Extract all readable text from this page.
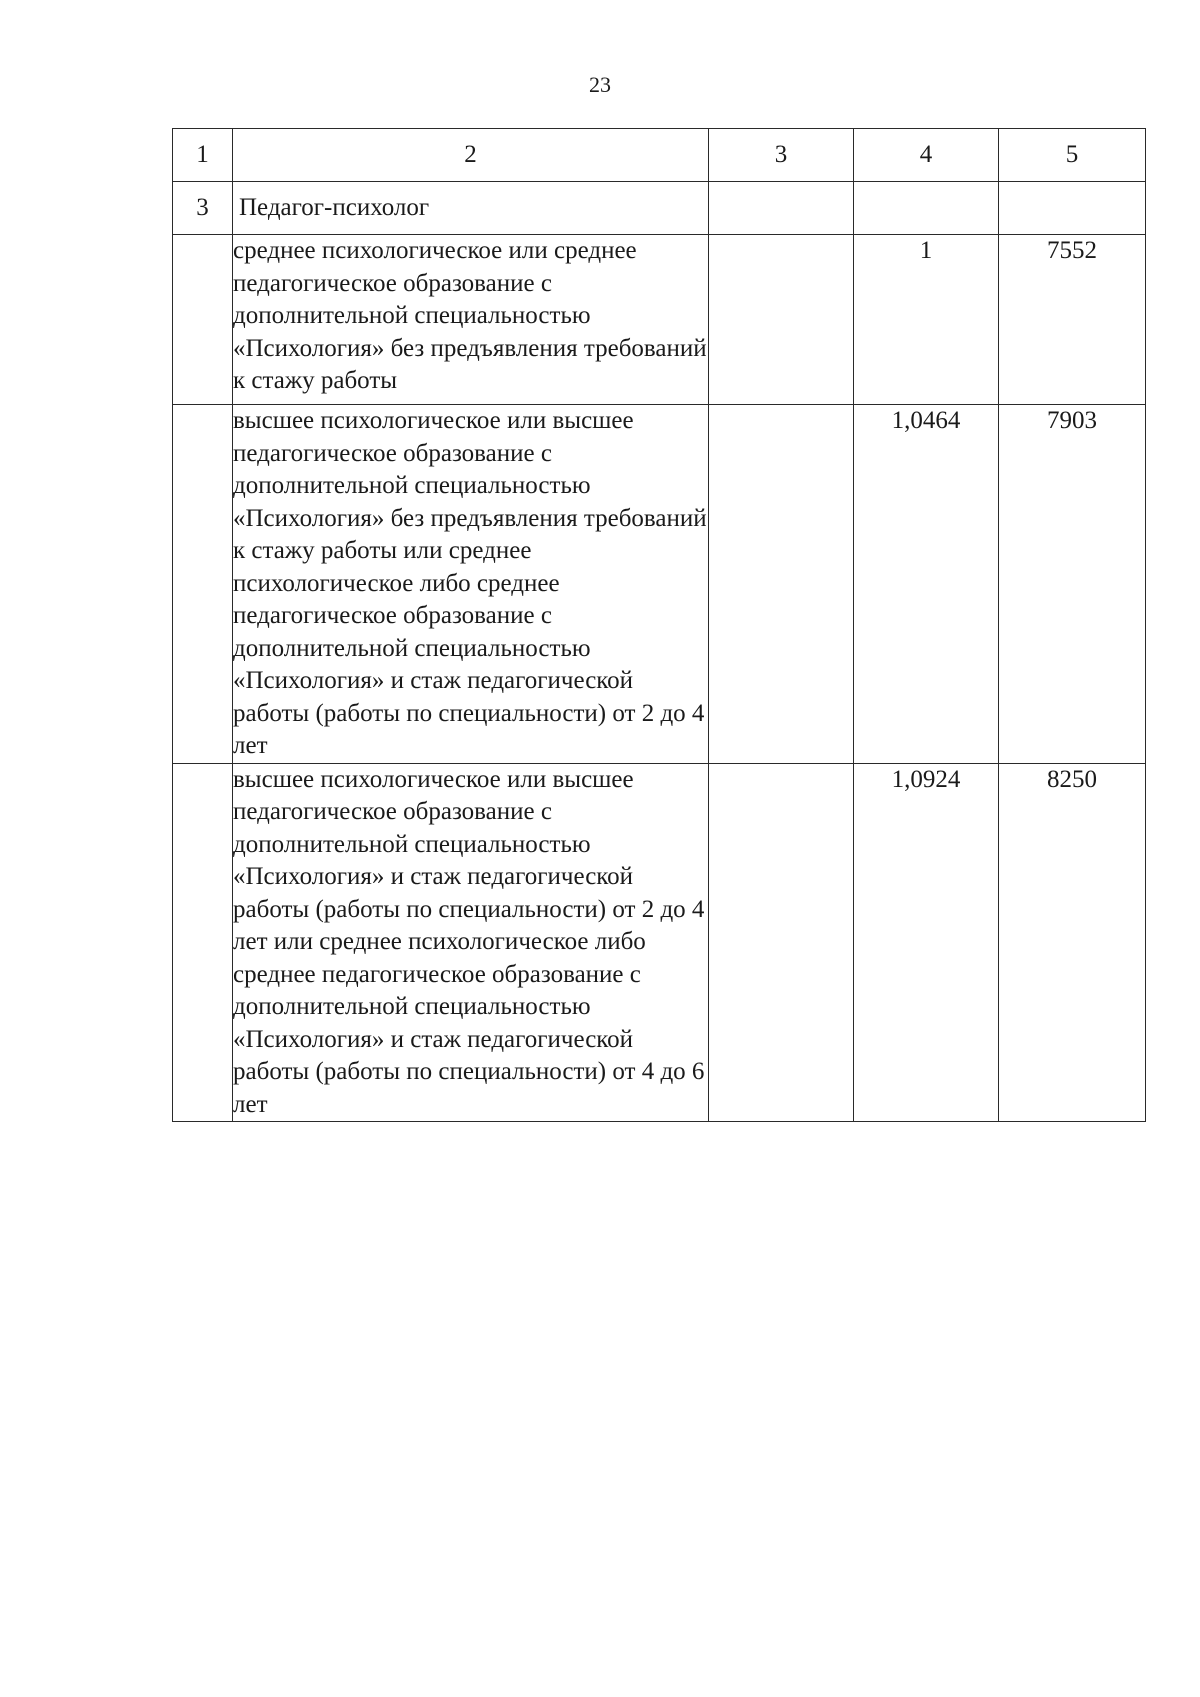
23
1	2	3	4	5
3	Педагог-психолог			
	среднее психологическое или среднее педагогическое образование с дополнительной специальностью «Психология» без предъявления требований к стажу работы		1	7552
	высшее психологическое или высшее педагогическое образование с дополнительной специальностью «Психология» без предъявления требований к стажу работы или среднее психологическое либо среднее педагогическое образование с дополнительной специальностью «Психология» и стаж педагогической работы (работы по специальности) от 2 до 4 лет		1,0464	7903
	высшее психологическое или высшее педагогическое образование с дополнительной специальностью «Психология» и стаж педагогической работы (работы по специальности) от 2 до 4 лет или среднее психологическое либо среднее педагогическое образование с дополнительной специальностью «Психология» и стаж педагогической работы (работы по специальности) от 4 до 6 лет		1,0924	8250
